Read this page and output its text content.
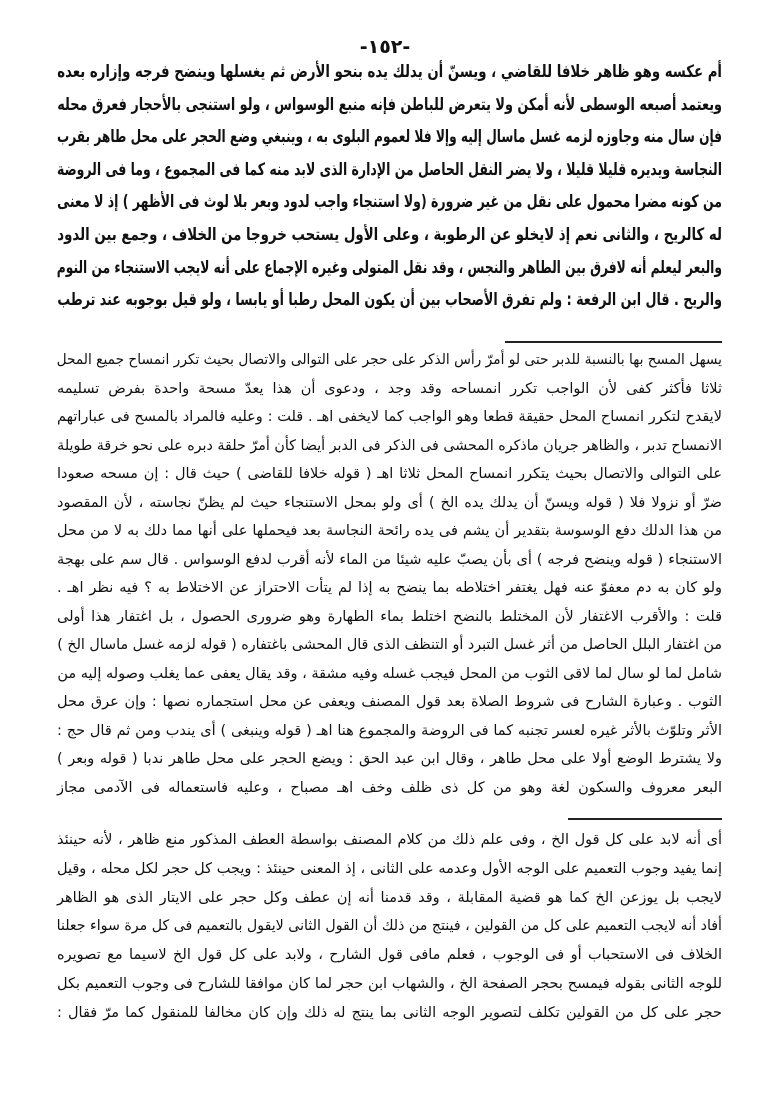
-١٥٢-
أم عكسه وهو ظاهر خلافا للقاضي ، ويسنّ أن يدلك يده بنحو الأرض ثم يغسلها وينضح فرجه وإزاره بعده
ويعتمد أصبعه الوسطى لأنه أمكن ولا يتعرض للباطن فإنه منبع الوسواس ، ولو استنجى بالأحجار فعرق محله
فإن سال منه وجاوزه لزمه غسل ماسال إليه وإلا فلا لعموم البلوى به ، وينبغي وضع الحجر على محل طاهر بقرب
النجاسة ويديره قليلا قليلا ، ولا يضر النقل الحاصل من الإدارة الذى لابد منه كما فى المجموع ، وما فى الروضة
من كونه مضرا محمول على نقل من غير ضرورة (ولا استنجاء واجب لدود وبعر بلا لوث فى الأظهر ) إذ لا معنى
له كالريح ، والثانى نعم إذ لايخلو عن الرطوبة ، وعلى الأول يستحب خروجا من الخلاف ، وجمع بين الدود
والبعر ليعلم أنه لافرق بين الطاهر والنجس ، وقد نقل المتولى وغيره الإجماع على أنه لايجب الاستنجاء من النوم
والريح . قال ابن الرفعة : ولم تفرق الأصحاب بين أن يكون المحل رطبا أو يابسا ، ولو قيل بوجوبه عند ترطب
يسهل المسح بها بالنسبة للدبر حتى لو أمرّ رأس الذكر على حجر على التوالى والاتصال بحيث تكرر انمساح جميع المحل
ثلاثا فأكثر كفى لأن الواجب تكرر انمساحه وقد وجد ، ودعوى أن هذا يعدّ مسحة واحدة بفرض تسليمه
لايقدح لتكرر انمساح المحل حقيقة قطعا وهو الواجب كما لايخفى اهـ . قلت : وعليه فالمراد بالمسح فى عباراتهم
الانمساح تدبر ، والظاهر جريان ماذكره المحشى فى الذكر فى الدبر أيضا كأن أمرّ حلقة دبره على نحو خرقة طويلة
على التوالى والاتصال بحيث يتكرر انمساح المحل ثلاثا اهـ ( قوله خلافا للقاضى ) حيث قال : إن مسحه صعودا
ضرّ أو نزولا فلا ( قوله ويسنّ أن يدلك يده الخ ) أى ولو بمحل الاستنجاء حيث لم يظنّ نجاسته ، لأن المقصود
من هذا الدلك دفع الوسوسة بتقدير أن يشم فى يده رائحة النجاسة بعد فيحملها على أنها مما دلك به لا من محل
الاستنجاء ( قوله وينضح فرجه ) أى بأن يصبّ عليه شيئا من الماء لأنه أقرب لدفع الوسواس . قال سم على بهجة
ولو كان به دم معفوّ عنه فهل يغتفر اختلاطه بما ينضح به إذا لم يتأت الاحتراز عن الاختلاط به ؟ فيه نظر اهـ .
قلت : والأقرب الاغتفار لأن المختلط بالنضح اختلط بماء الطهارة وهو ضرورى الحصول ، بل اغتفار هذا أولى
من اغتفار البلل الحاصل من أثر غسل التبرد أو التنظف الذى قال المحشى باغتفاره ( قوله لزمه غسل ماسال الخ )
شامل لما لو سال لما لاقى الثوب من المحل فيجب غسله وفيه مشقة ، وقد يقال يعفى عما يغلب وصوله إليه من
الثوب . وعبارة الشارح فى شروط الصلاة بعد قول المصنف ويعفى عن محل استجماره نصها : وإن عرق محل
الأثر وتلوّث بالأثر غيره لعسر تجنبه كما فى الروضة والمجموع هنا اهـ ( قوله وينبغى ) أى يندب ومن ثم قال حج :
ولا يشترط الوضع أولا على محل طاهر ، وقال ابن عبد الحق : ويضع الحجر على محل طاهر ندبا ( قوله وبعر )
البعر معروف والسكون لغة وهو من كل ذى ظلف وخف اهـ مصباح ، وعليه فاستعماله فى الآدمى مجاز
أى أنه لابد على كل قول الخ ، وفى علم ذلك من كلام المصنف بواسطة العطف المذكور منع ظاهر ، لأنه حينئذ
إنما يفيد وجوب التعميم على الوجه الأول وعدمه على الثانى ، إذ المعنى حينئذ : ويجب كل حجر لكل محله ، وقيل
لايجب بل يوزعن الخ كما هو قضية المقابلة ، وقد قدمنا أنه إن عطف وكل حجر على الايتار الذى هو الظاهر
أفاد أنه لايجب التعميم على كل من القولين ، فينتج من ذلك أن القول الثانى لايقول بالتعميم فى كل مرة سواء جعلنا
الخلاف فى الاستحباب أو فى الوجوب ، فعلم مافى قول الشارح ، ولابد على كل قول الخ لاسيما مع تصويره
للوجه الثانى بقوله فيمسح بحجر الصفحة الخ ، والشهاب ابن حجر لما كان موافقا للشارح فى وجوب التعميم بكل
حجر على كل من القولين تكلف لتصوير الوجه الثانى بما ينتج له ذلك وإن كان مخالفا للمنقول كما مرّ فقال :
